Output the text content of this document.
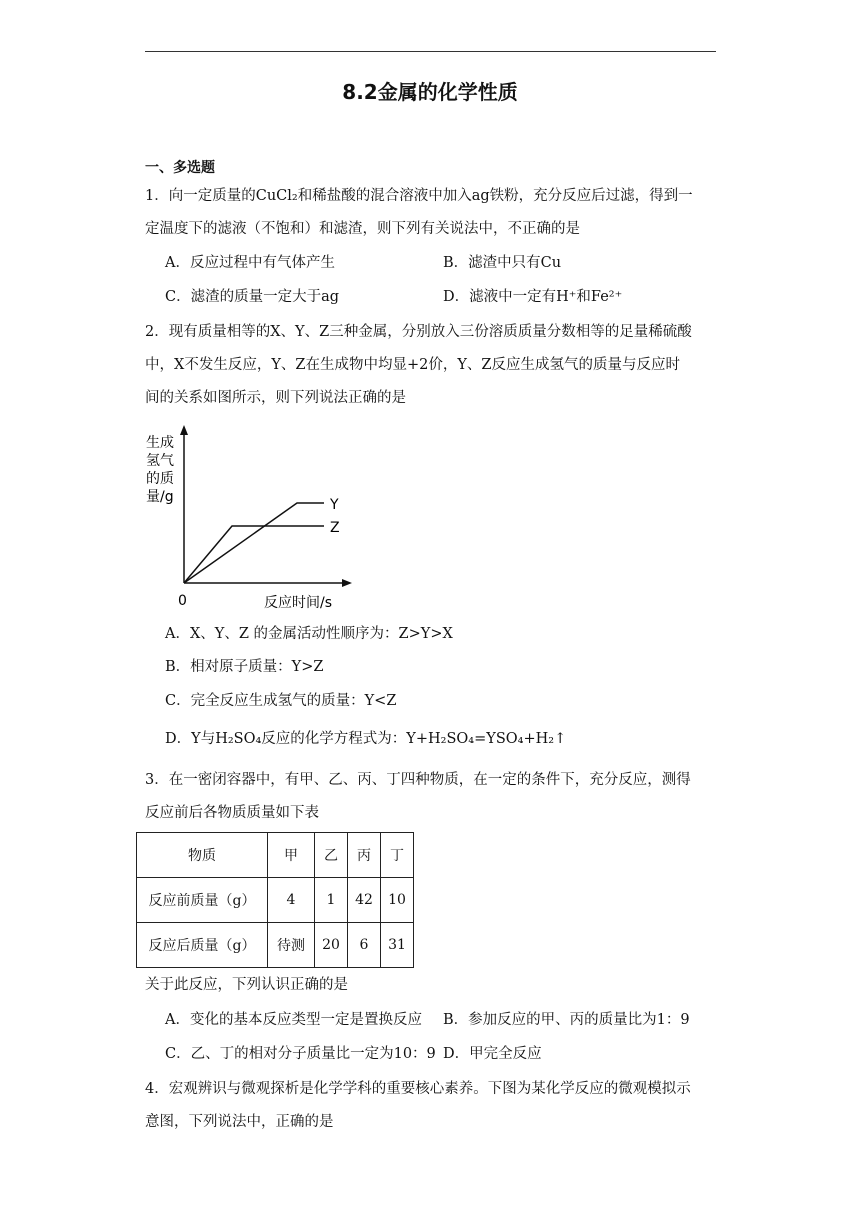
8.2金属的化学性质
一、多选题
1．向一定质量的CuCl₂和稀盐酸的混合溶液中加入ag铁粉，充分反应后过滤，得到一
定温度下的滤液（不饱和）和滤渣，则下列有关说法中，不正确的是
A．反应过程中有气体产生	B．滤渣中只有Cu
C．滤渣的质量一定大于ag	D．滤液中一定有H⁺和Fe²⁺
2．现有质量相等的X、Y、Z三种金属，分别放入三份溶质质量分数相等的足量稀硫酸
中，X不发生反应，Y、Z在生成物中均显+2价，Y、Z反应生成氢气的质量与反应时
间的关系如图所示，则下列说法正确的是
生成
氢气
的质
量/g	Y
Z
0	反应时间/s
A．X、Y、Z 的金属活动性顺序为：Z>Y>X
B．相对原子质量：Y>Z
C．完全反应生成氢气的质量：Y<Z
D．Y与H₂SO₄反应的化学方程式为：Y+H₂SO₄=YSO₄+H₂↑
3．在一密闭容器中，有甲、乙、丙、丁四种物质，在一定的条件下，充分反应，测得
反应前后各物质质量如下表
物质	甲	乙	丙	丁
反应前质量（g）	4	1	42	10
反应后质量（g）	待测	20	6	31
关于此反应，下列认识正确的是
A．变化的基本反应类型一定是置换反应 B．参加反应的甲、丙的质量比为1：9
C．乙、丁的相对分子质量比一定为10：9 D．甲完全反应
4．宏观辨识与微观探析是化学学科的重要核心素养。下图为某化学反应的微观模拟示
意图，下列说法中，正确的是
